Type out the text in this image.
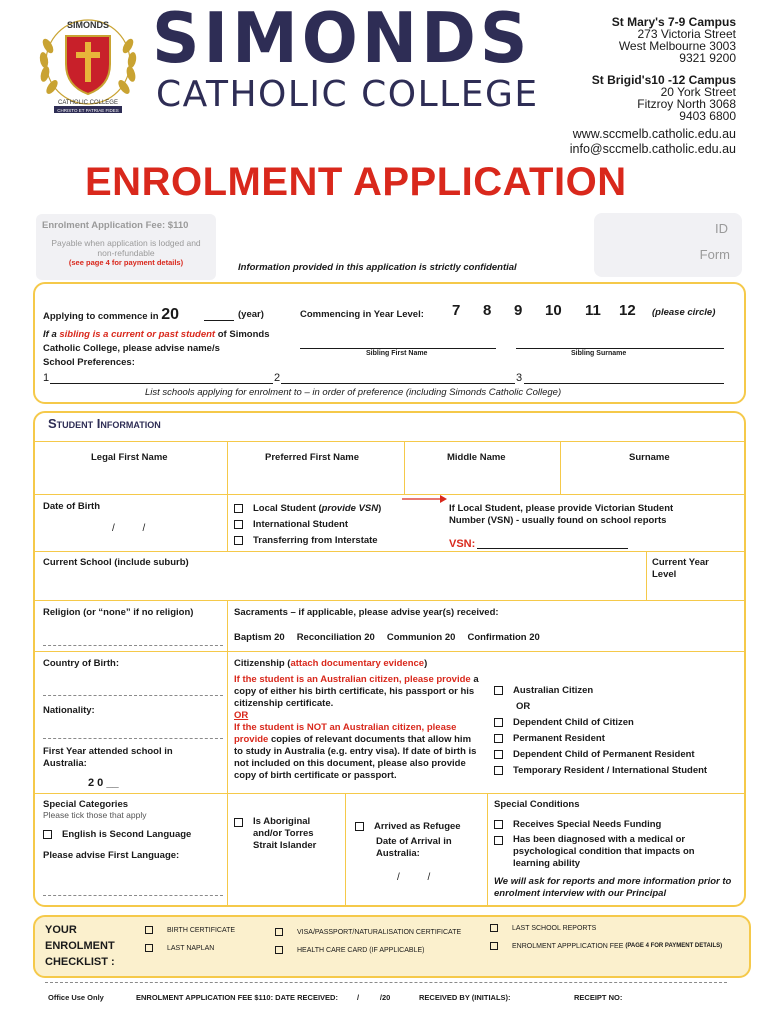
SIMONDS
CATHOLIC COLLEGE
CHRISTO ET PATRIAE FIDES
SIMONDS
CATHOLIC COLLEGE
St Mary's 7-9 Campus
273 Victoria Street
West Melbourne 3003
9321 9200
St Brigid's10 -12 Campus
20 York Street
Fitzroy North 3068
9403 6800
www.sccmelb.catholic.edu.au
info@sccmelb.catholic.edu.au
ENROLMENT APPLICATION
Enrolment Application Fee: $110
Payable when application is lodged and non-refundable
(see page 4 for payment details)
ID
Form
Information provided in this application is strictly confidential
Applying to commence in 20	(year)	Commencing in Year Level: 7	8	9	10	11	12	(please circle)
If a sibling is a current or past student of Simonds
Catholic College, please advise name/s
School Preferences:
Sibling First Name	Sibling Surname
1	2	3
List schools applying for enrolment to – in order of preference (including Simonds Catholic College)
Student Information
Legal First Name	Preferred First Name	Middle Name	Surname
Date of Birth
/          /
Local Student ( provide VSN )
International Student
Transferring from Interstate
If Local Student, please provide Victorian Student Number (VSN) - usually found on school reports
VSN:
Current School (include suburb)	Current Year Level
Religion (or “none” if no religion)	Sacraments – if applicable, please advise year(s) received:
Baptism 20 Reconciliation 20 Communion 20 Confirmation 20
Country of Birth:
Nationality:
First Year attended school in Australia:
2 0 __
Citizenship (attach documentary evidence)
If the student is an Australian citizen, please provide a copy of either his birth certificate, his passport or his citizenship certificate.
OR
If the student is NOT an Australian citizen, please provide copies of relevant documents that allow him to study in Australia (e.g. entry visa). If date of birth is not included on this document, please also provide copy of birth certificate or passport.
Australian Citizen
OR
Dependent Child of Citizen
Permanent Resident
Dependent Child of Permanent Resident
Temporary Resident / International Student
Special Categories
Please tick those that apply
English is Second Language
Please advise First Language:
Is Aboriginal and/or Torres Strait Islander
Arrived as Refugee
Date of Arrival in Australia:
/          /
Special Conditions
Receives Special Needs Funding
Has been diagnosed with a medical or psychological condition that impacts on learning ability
We will ask for reports and more information prior to enrolment interview with our Principal
YOUR ENROLMENT CHECKLIST :
BIRTH CERTIFICATE
LAST NAPLAN
VISA/PASSPORT/NATURALISATION CERTIFICATE
HEALTH CARE CARD (IF APPLICABLE)
LAST SCHOOL REPORTS
ENROLMENT APPPLICATION FEE
(PAGE 4 FOR PAYMENT DETAILS)
Office Use Only	ENROLMENT APPLICATION FEE $110: DATE RECEIVED:	/          /20	RECEIVED BY (INITIALS):	RECEIPT NO:
